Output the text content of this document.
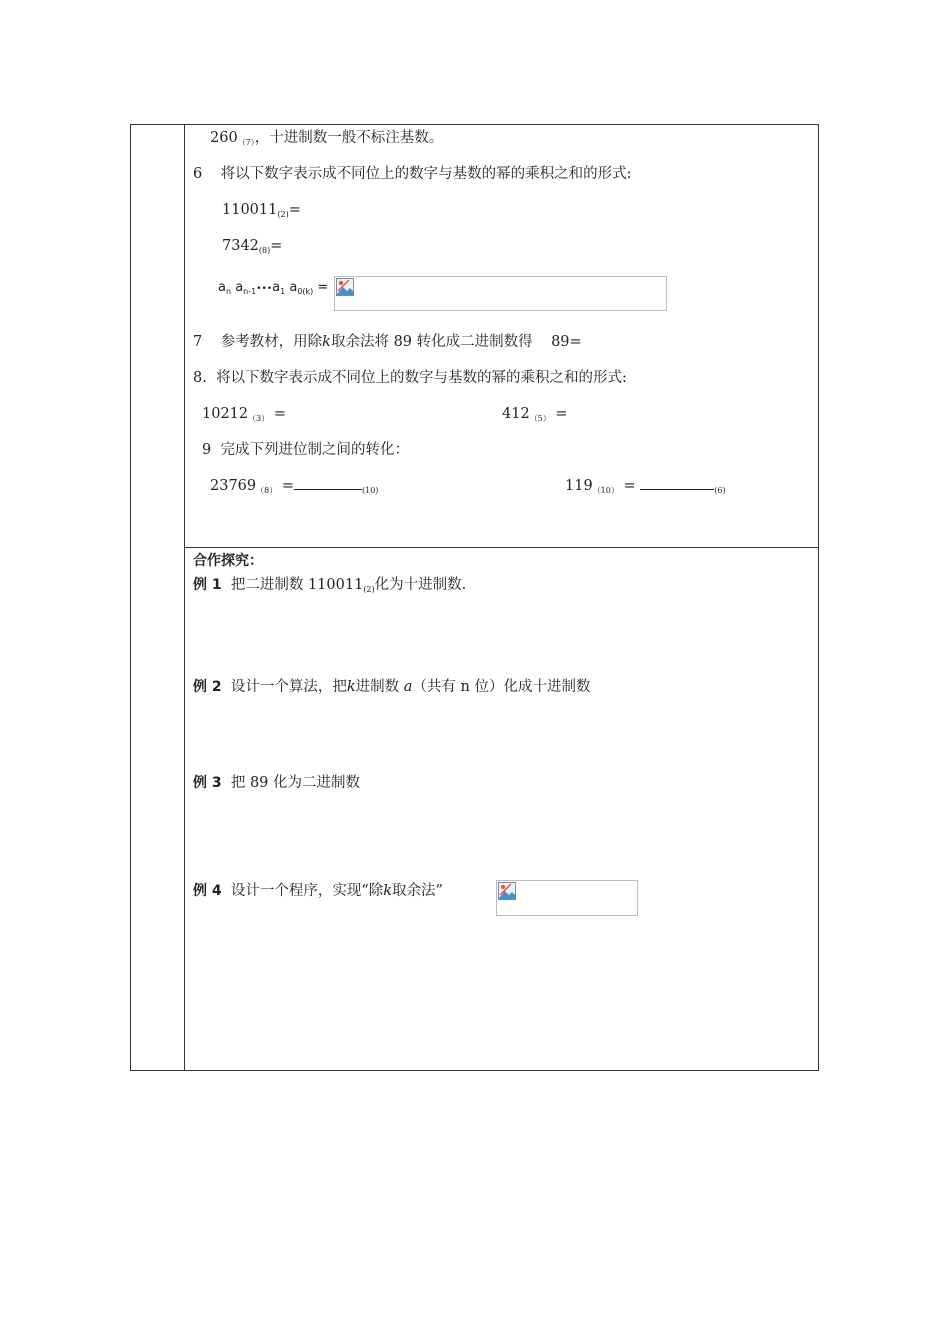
$260_{(7)}$，十进制数一般不标注基数。
6 将以下数字表示成不同位上的数字与基数的幂的乘积之和的形式:
$110011_{(2)}=$
$7342_{(8)}=$
$a_n$ $a_{n-1}•••a_1$ $a_{0(k)}$ =
7 参考教材，用除k取余法将 89 转化成二进制数得 89=
8. 将以下数字表示成不同位上的数字与基数的幂的乘积之和的形式:
$10212_{(3)}$ =	$412_{(5)}$ =
9 完成下列进位制之间的转化：
$23769_{(8)}$ =	$_{(10)}$	$119_{(10)}$ =	$_{(6)}$
合作探究：
例 1 把二进制数 $110011_{(2)}$化为十进制数.
例 2 设计一个算法，把k进制数 a（共有 n 位）化成十进制数
例 3 把 89 化为二进制数
例 4 设计一个程序，实现“除k取余法”
